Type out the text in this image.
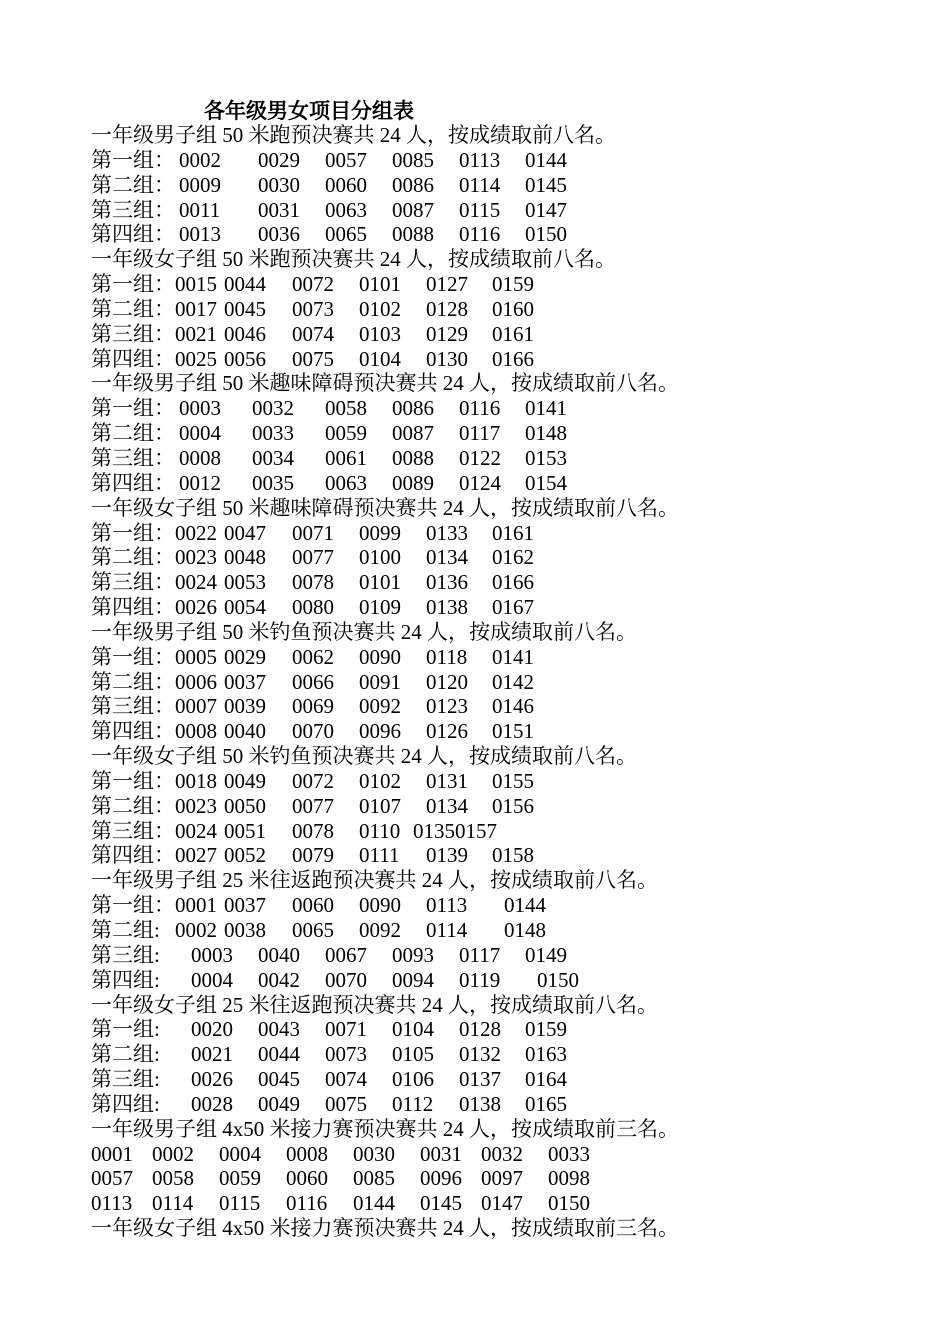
各年级男女项目分组表
一年级男子组 50 米跑预决赛共 24 人，按成绩取前八名。
第一组： 0002 0029 0057 0085 0113 0144
第二组： 0009 0030 0060 0086 0114 0145
第三组： 0011 0031 0063 0087 0115 0147
第四组： 0013 0036 0065 0088 0116 0150
一年级女子组 50 米跑预决赛共 24 人，按成绩取前八名。
第一组： 0015 0044 0072 0101 0127 0159
第二组： 0017 0045 0073 0102 0128 0160
第三组： 0021 0046 0074 0103 0129 0161
第四组： 0025 0056 0075 0104 0130 0166
一年级男子组 50 米趣味障碍预决赛共 24 人，按成绩取前八名。
第一组： 0003 0032 0058 0086 0116 0141
第二组： 0004 0033 0059 0087 0117 0148
第三组： 0008 0034 0061 0088 0122 0153
第四组： 0012 0035 0063 0089 0124 0154
一年级女子组 50 米趣味障碍预决赛共 24 人，按成绩取前八名。
第一组： 0022 0047 0071 0099 0133 0161
第二组： 0023 0048 0077 0100 0134 0162
第三组： 0024 0053 0078 0101 0136 0166
第四组： 0026 0054 0080 0109 0138 0167
一年级男子组 50 米钓鱼预决赛共 24 人，按成绩取前八名。
第一组： 0005 0029 0062 0090 0118 0141
第二组： 0006 0037 0066 0091 0120 0142
第三组： 0007 0039 0069 0092 0123 0146
第四组： 0008 0040 0070 0096 0126 0151
一年级女子组 50 米钓鱼预决赛共 24 人，按成绩取前八名。
第一组： 0018 0049 0072 0102 0131 0155
第二组： 0023 0050 0077 0107 0134 0156
第三组： 0024 0051 0078 0110 01350157
第四组： 0027 0052 0079 0111 0139 0158
一年级男子组 25 米往返跑预决赛共 24 人，按成绩取前八名。
第一组： 0001 0037 0060 0090 0113 0144
第二组: 0002 0038 0065 0092 0114 0148
第三组: 0003 0040 0067 0093 0117 0149
第四组: 0004 0042 0070 0094 0119 0150
一年级女子组 25 米往返跑预决赛共 24 人，按成绩取前八名。
第一组: 0020 0043 0071 0104 0128 0159
第二组: 0021 0044 0073 0105 0132 0163
第三组: 0026 0045 0074 0106 0137 0164
第四组: 0028 0049 0075 0112 0138 0165
一年级男子组 4x50 米接力赛预决赛共 24 人，按成绩取前三名。
0001 0002 0004 0008 0030 0031 0032 0033
0057 0058 0059 0060 0085 0096 0097 0098
0113 0114 0115 0116 0144 0145 0147 0150
一年级女子组 4x50 米接力赛预决赛共 24 人，按成绩取前三名。
